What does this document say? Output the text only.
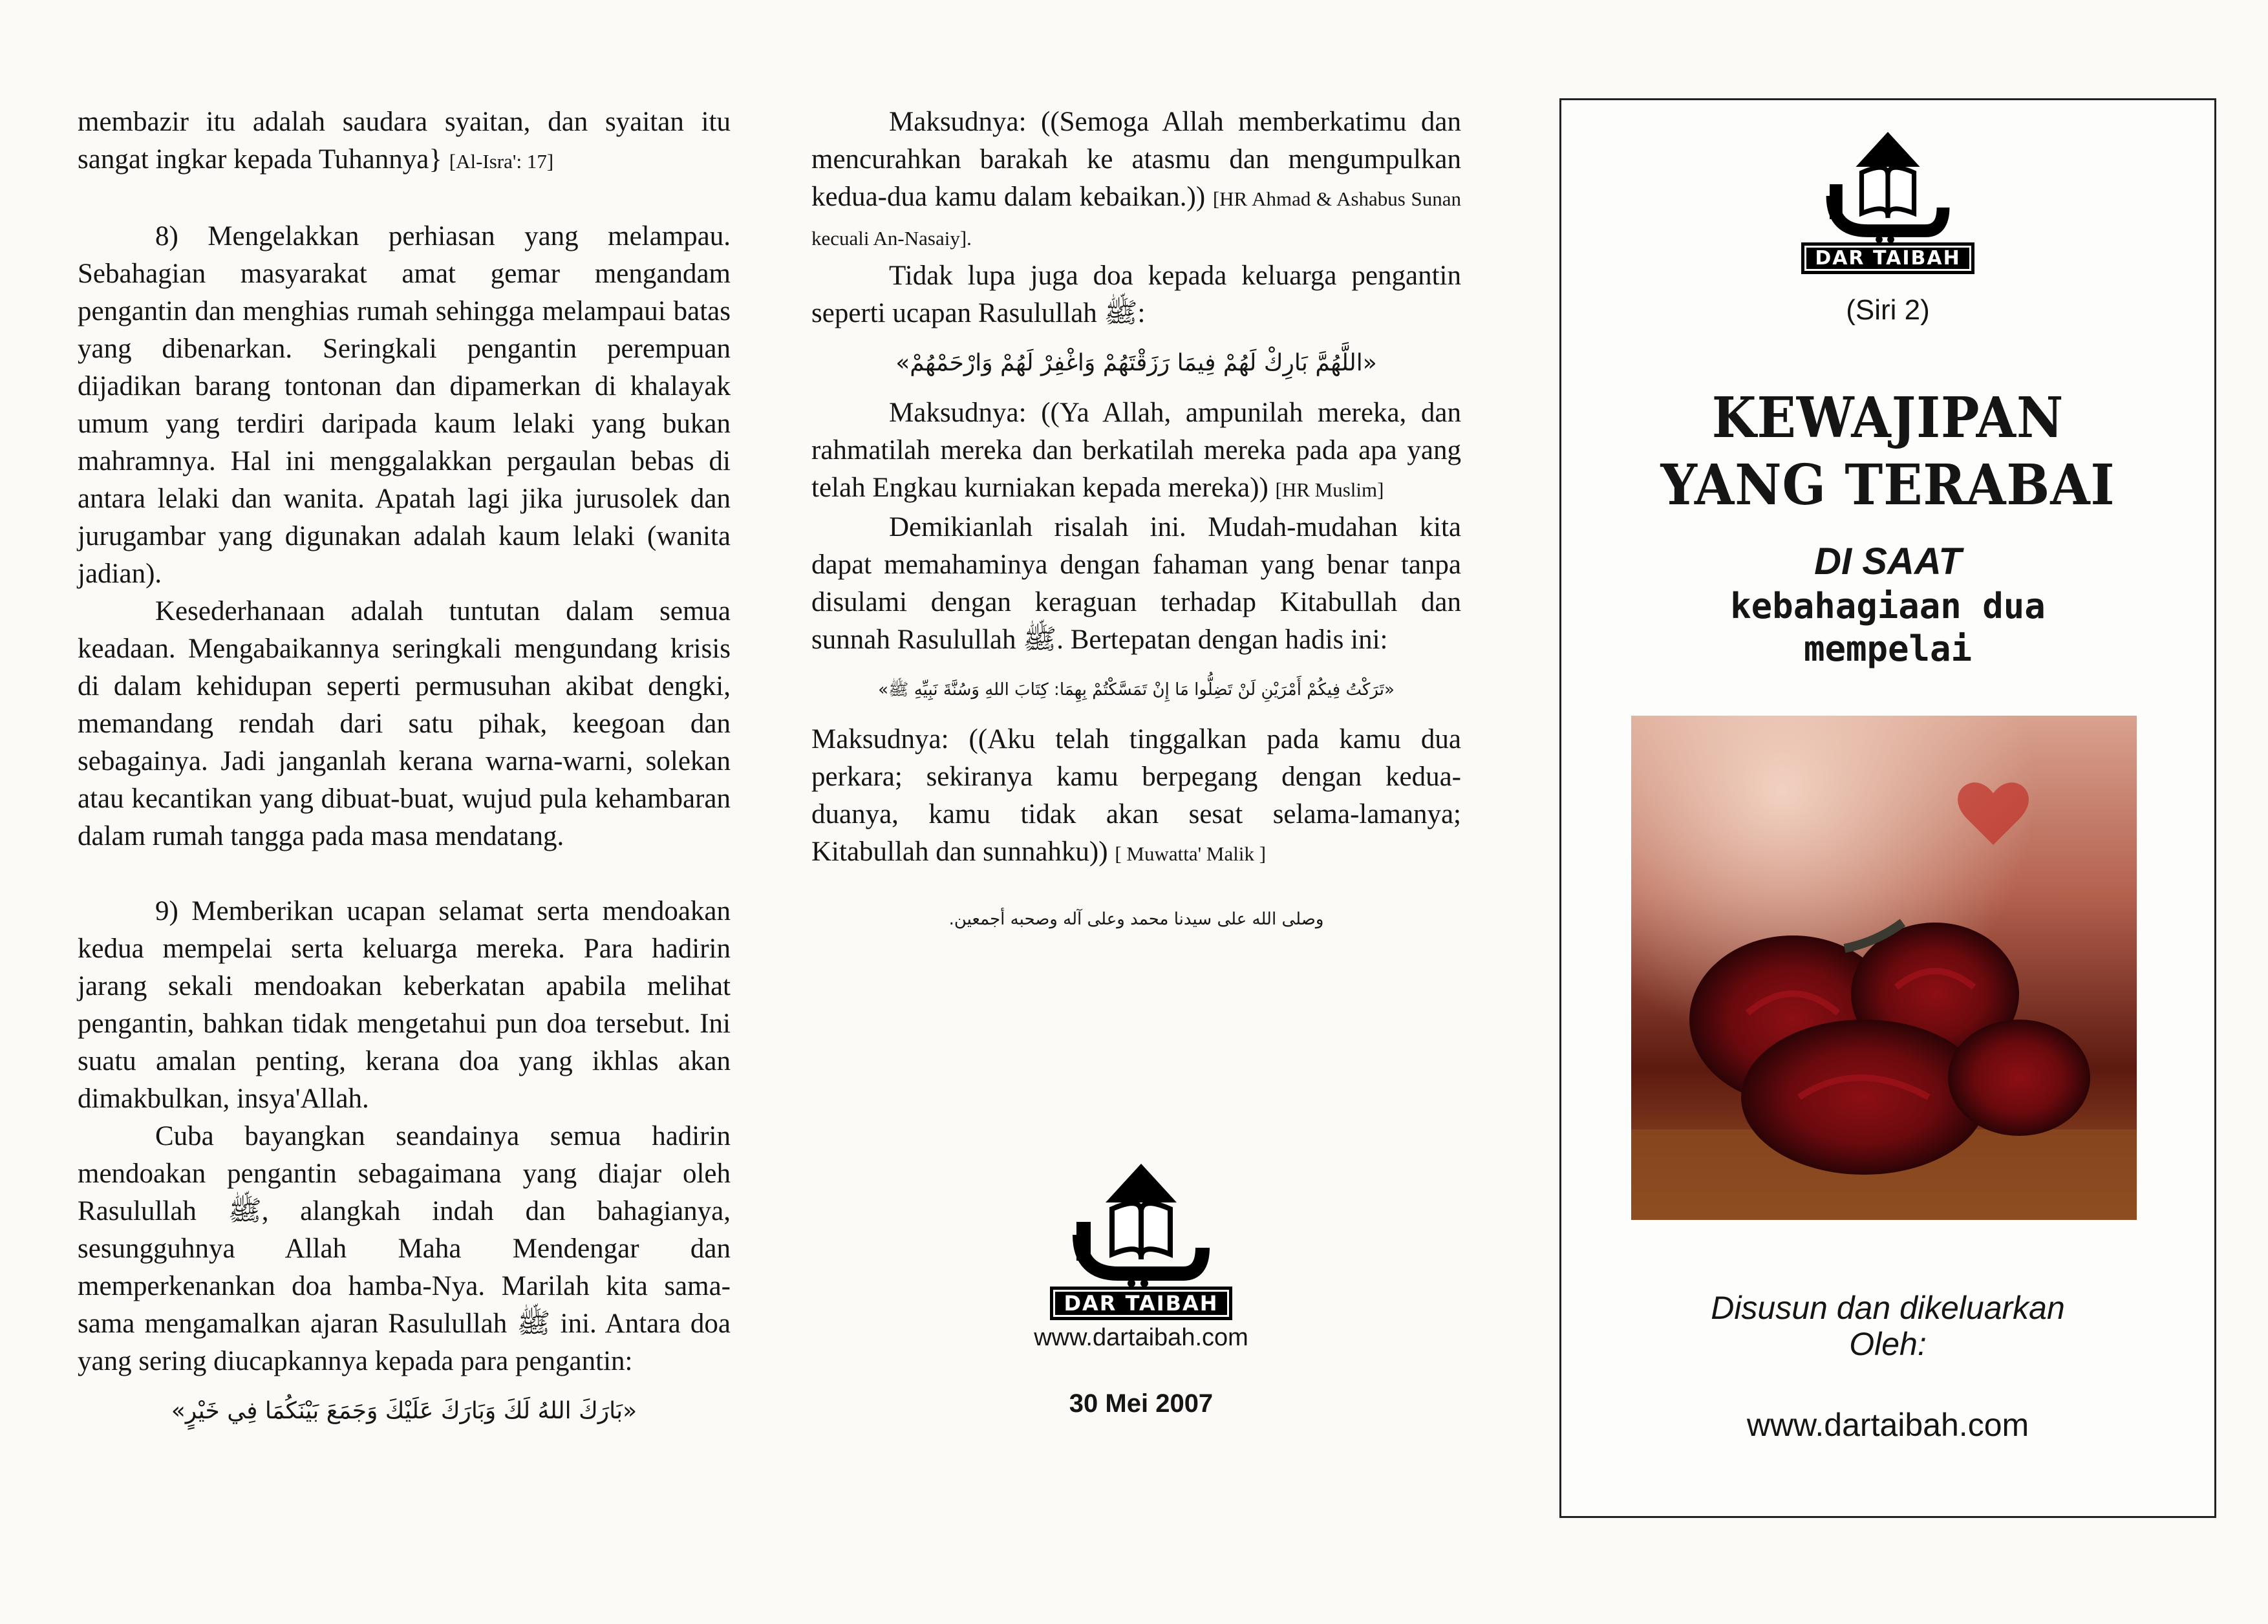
membazir itu adalah saudara syaitan, dan syaitan itu sangat ingkar kepada Tuhannya} [Al-Isra': 17]

8) Mengelakkan perhiasan yang melampau. Sebahagian masyarakat amat gemar mengandam pengantin dan menghias rumah sehingga melampaui batas yang dibenarkan. Seringkali pengantin perempuan dijadikan barang tontonan dan dipamerkan di khalayak umum yang terdiri daripada kaum lelaki yang bukan mahramnya. Hal ini menggalakkan pergaulan bebas di antara lelaki dan wanita. Apatah lagi jika jurusolek dan jurugambar yang digunakan adalah kaum lelaki (wanita jadian).

Kesederhanaan adalah tuntutan dalam semua keadaan. Mengabaikannya seringkali mengundang krisis di dalam kehidupan seperti permusuhan akibat dengki, memandang rendah dari satu pihak, keegoan dan sebagainya. Jadi janganlah kerana warna-warni, solekan atau kecantikan yang dibuat-buat, wujud pula kehambaran dalam rumah tangga pada masa mendatang.

9) Memberikan ucapan selamat serta mendoakan kedua mempelai serta keluarga mereka. Para hadirin jarang sekali mendoakan keberkatan apabila melihat pengantin, bahkan tidak mengetahui pun doa tersebut. Ini suatu amalan penting, kerana doa yang ikhlas akan dimakbulkan, insya'Allah.

Cuba bayangkan seandainya semua hadirin mendoakan pengantin sebagaimana yang diajar oleh Rasulullah ﷺ, alangkah indah dan bahagianya, sesungguhnya Allah Maha Mendengar dan memperkenankan doa hamba-Nya. Marilah kita sama-sama mengamalkan ajaran Rasulullah ﷺ ini. Antara doa yang sering diucapkannya kepada para pengantin:

«بَارَكَ اللهُ لَكَ وَبَارَكَ عَلَيْكَ وَجَمَعَ بَيْنَكُمَا فِي خَيْرٍ»

Maksudnya: ((Semoga Allah memberkatimu dan mencurahkan barakah ke atasmu dan mengumpulkan kedua-dua kamu dalam kebaikan.)) [HR Ahmad & Ashabus Sunan kecuali An-Nasaiy].

Tidak lupa juga doa kepada keluarga pengantin seperti ucapan Rasulullah ﷺ:

«اللَّهُمَّ بَارِكْ لَهُمْ فِيمَا رَزَقْتَهُمْ وَاغْفِرْ لَهُمْ وَارْحَمْهُمْ»

Maksudnya: ((Ya Allah, ampunilah mereka, dan rahmatilah mereka dan berkatilah mereka pada apa yang telah Engkau kurniakan kepada mereka)) [HR Muslim]

Demikianlah risalah ini. Mudah-mudahan kita dapat memahaminya dengan fahaman yang benar tanpa disulami dengan keraguan terhadap Kitabullah dan sunnah Rasulullah ﷺ. Bertepatan dengan hadis ini:

«تَرَكْتُ فِيكُمْ أَمْرَيْنِ لَنْ تَضِلُّوا مَا إِنْ تَمَسَّكْتُمْ بِهِمَا: كِتَابَ اللهِ وَسُنَّةَ نَبِيِّهِ ﷺ»

Maksudnya: ((Aku telah tinggalkan pada kamu dua perkara; sekiranya kamu berpegang dengan kedua-duanya, kamu tidak akan sesat selama-lamanya; Kitabullah dan sunnahku)) [ Muwatta' Malik ]

وصلى الله على سيدنا محمد وعلى آله وصحبه أجمعين.

DAR TAIBAH
www.dartaibah.com
30 Mei 2007
DAR TAIBAH
(Siri 2)
KEWAJIPAN
YANG TERABAI
DI SAAT
kebahagiaan dua
mempelai
Disusun dan dikeluarkan
Oleh:
www.dartaibah.com
